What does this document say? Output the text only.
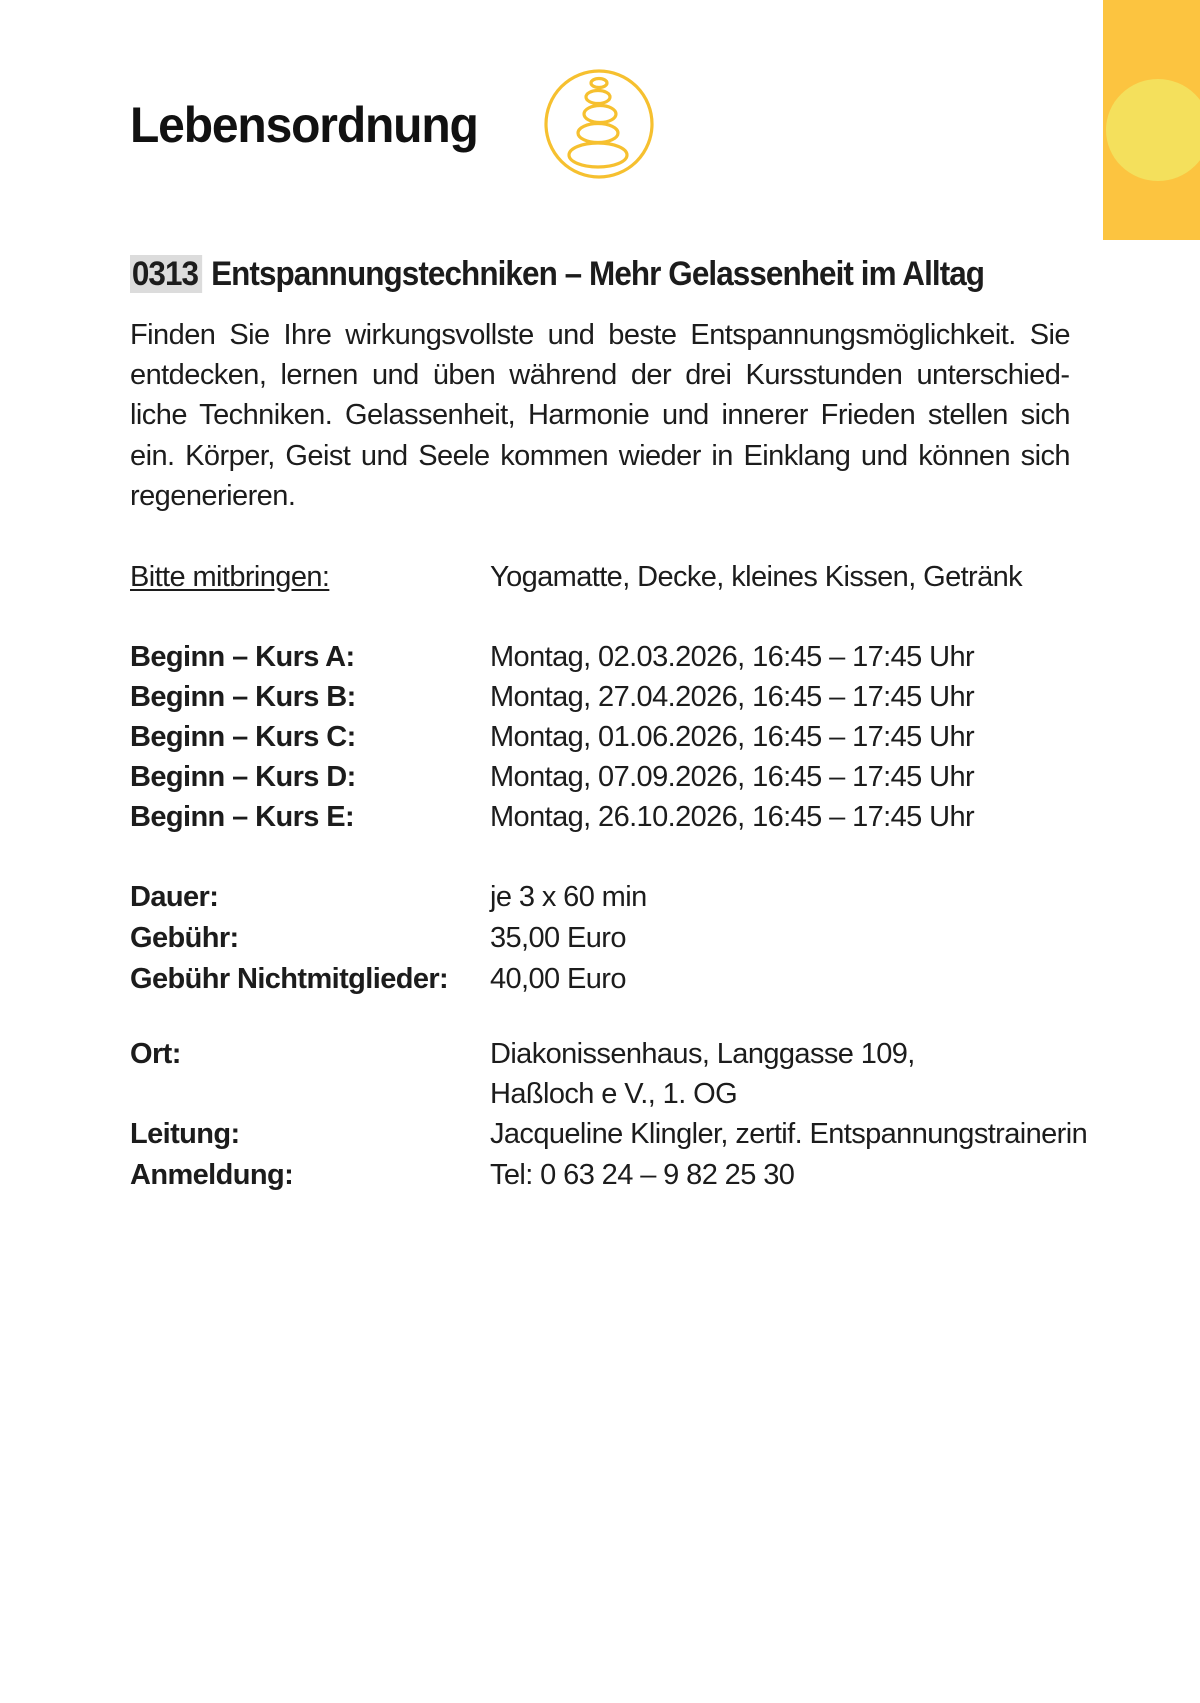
Lebensordnung
0313 Entspannungstechniken – Mehr Gelassenheit im Alltag

Finden Sie Ihre wirkungsvollste und beste Entspannungsmöglichkeit. Sie entdecken, lernen und üben während der drei Kursstunden unterschiedliche Techniken. Gelassenheit, Harmonie und innerer Frieden stellen sich ein. Körper, Geist und Seele kommen wieder in Einklang und können sich regenerieren.

Bitte mitbringen:	Yogamatte, Decke, kleines Kissen, Getränk
Beginn – Kurs A:	Montag, 02.03.2026, 16:45 – 17:45 Uhr
Beginn – Kurs B:	Montag, 27.04.2026, 16:45 – 17:45 Uhr
Beginn – Kurs C:	Montag, 01.06.2026, 16:45 – 17:45 Uhr
Beginn – Kurs D:	Montag, 07.09.2026, 16:45 – 17:45 Uhr
Beginn – Kurs E:	Montag, 26.10.2026, 16:45 – 17:45 Uhr
Dauer:	je 3 x 60 min
Gebühr:	35,00 Euro
Gebühr Nichtmitglieder: 40,00 Euro
Ort:	Diakonissenhaus, Langgasse 109,
Haßloch e V., 1. OG
Leitung:	Jacqueline Klingler, zertif. Entspannungstrainerin
Anmeldung:	Tel: 0 63 24 – 9 82 25 30
